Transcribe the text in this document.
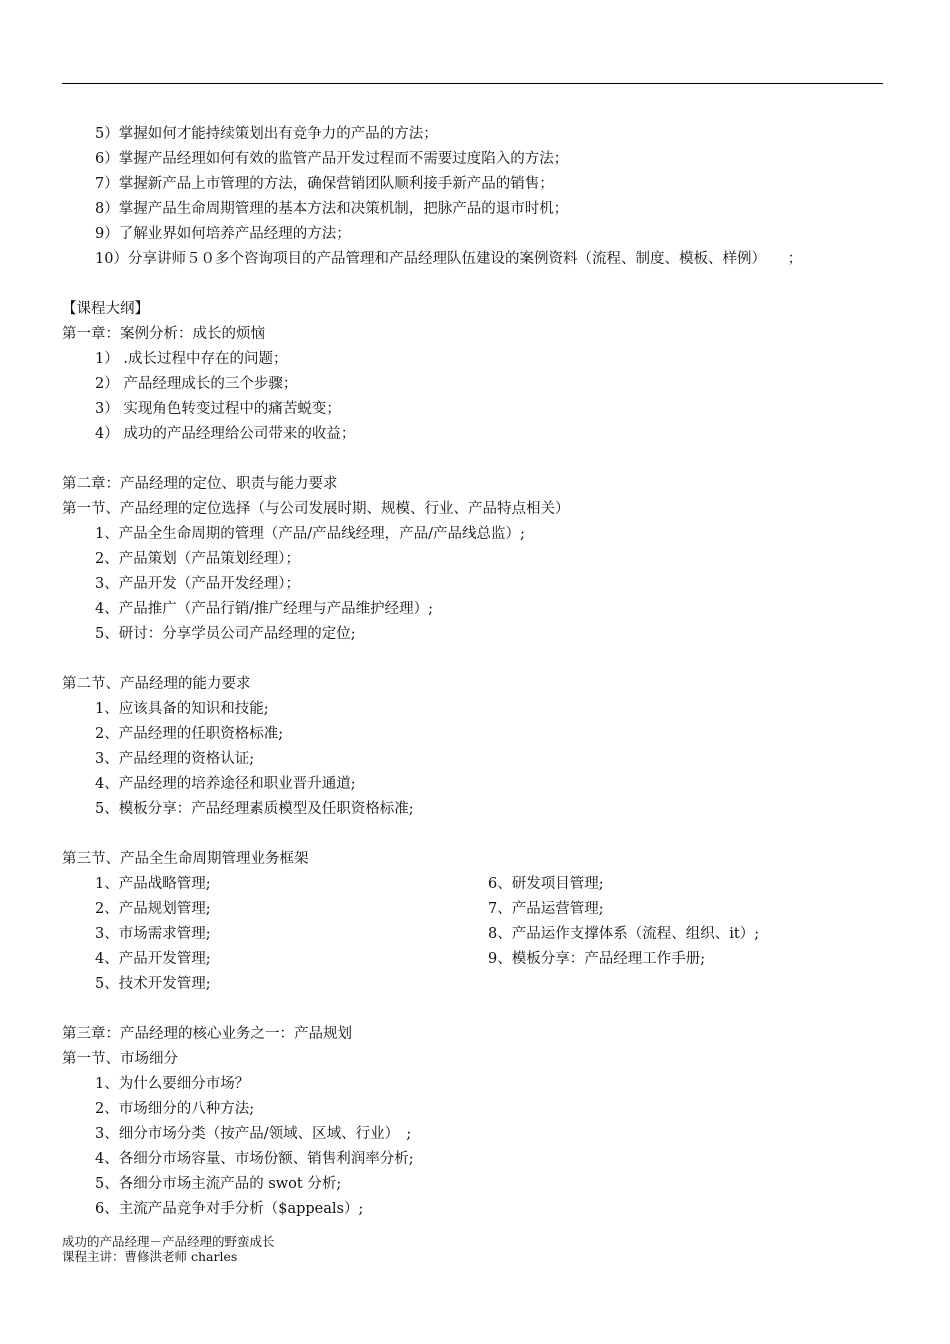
5）掌握如何才能持续策划出有竞争力的产品的方法；
6）掌握产品经理如何有效的监管产品开发过程而不需要过度陷入的方法；
7）掌握新产品上市管理的方法，确保营销团队顺利接手新产品的销售；
8）掌握产品生命周期管理的基本方法和决策机制，把脉产品的退市时机；
9）了解业界如何培养产品经理的方法；
10）分享讲师５０多个咨询项目的产品管理和产品经理队伍建设的案例资料（流程、制度、模板、样例）　　；
【课程大纲】
第一章：案例分析：成长的烦恼
1） .成长过程中存在的问题；
2） 产品经理成长的三个步骤；
3） 实现角色转变过程中的痛苦蜕变；
4） 成功的产品经理给公司带来的收益；
第二章：产品经理的定位、职责与能力要求
第一节、产品经理的定位选择（与公司发展时期、规模、行业、产品特点相关）
1、产品全生命周期的管理（产品/产品线经理，产品/产品线总监）;
2、产品策划（产品策划经理）；
3、产品开发（产品开发经理）；
4、产品推广（产品行销/推广经理与产品维护经理）;
5、研讨：分享学员公司产品经理的定位;
第二节、产品经理的能力要求
1、应该具备的知识和技能;
2、产品经理的任职资格标准;
3、产品经理的资格认证;
4、产品经理的培养途径和职业晋升通道;
5、模板分享：产品经理素质模型及任职资格标准;
第三节、产品全生命周期管理业务框架
1、产品战略管理;
2、产品规划管理;
3、市场需求管理;
4、产品开发管理;
5、技术开发管理;
6、研发项目管理;
7、产品运营管理;
8、产品运作支撑体系（流程、组织、it）;
9、模板分享：产品经理工作手册;
第三章：产品经理的核心业务之一：产品规划
第一节、市场细分
1、为什么要细分市场？
2、市场细分的八种方法;
3、细分市场分类（按产品/领域、区域、行业）　;
4、各细分市场容量、市场份额、销售利润率分析;
5、各细分市场主流产品的 swot 分析;
6、主流产品竞争对手分析（$appeals）;
成功的产品经理－产品经理的野蛮成长
课程主讲：曹修洪老师 charles
